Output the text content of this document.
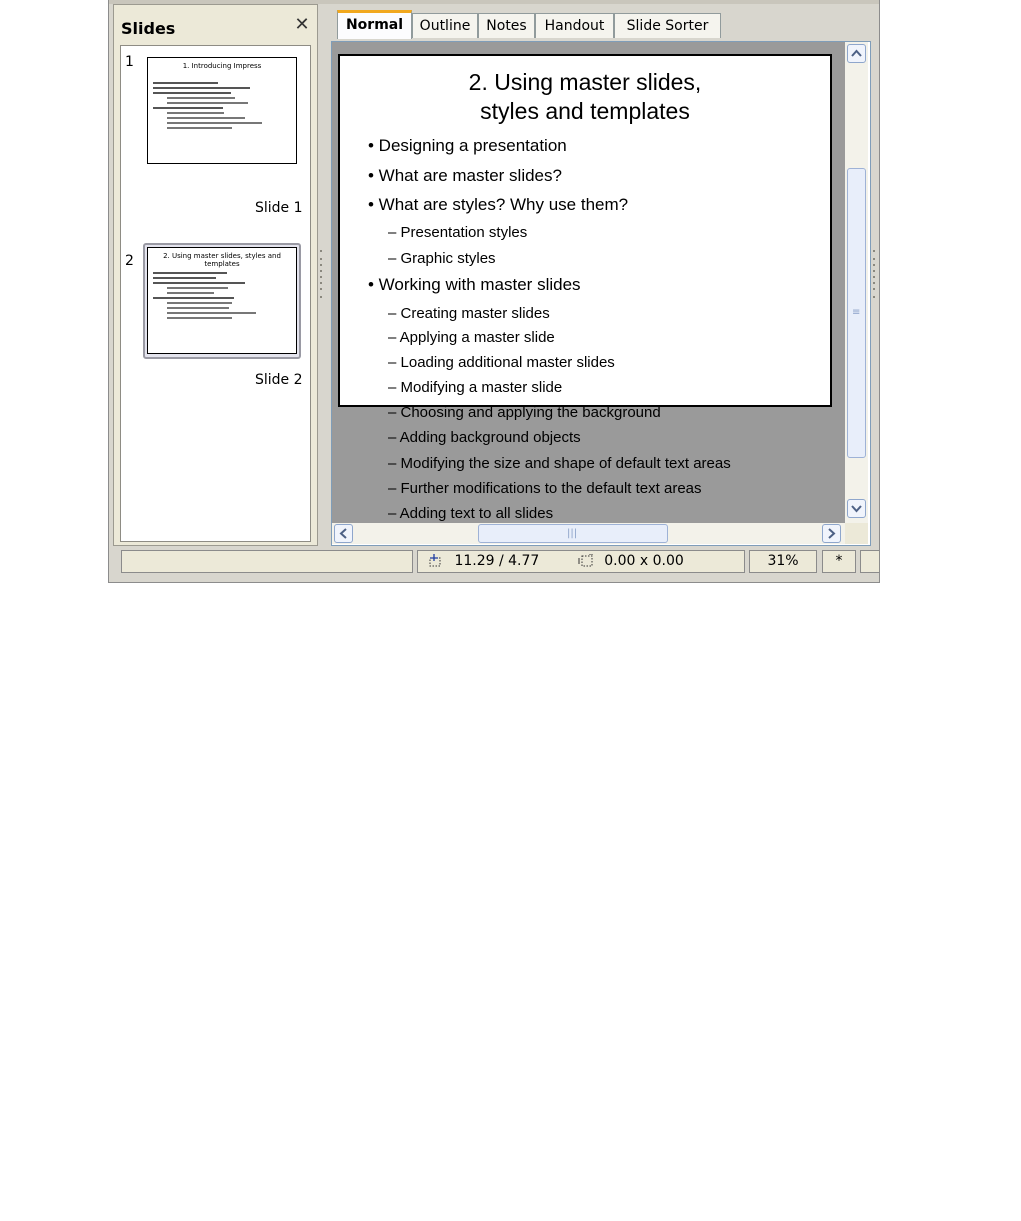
Slides	✕
1	1. Introducing Impress
Slide 1
2	2. Using master slides, styles and templates
Slide 2
Normal	Outline	Notes	Handout	Slide Sorter
2. Using master slides,
styles and templates
• Designing a presentation
• What are master slides?
• What are styles? Why use them?
– Presentation styles
– Graphic styles
• Working with master slides
– Creating master slides
– Applying a master slide
– Loading additional master slides
– Modifying a master slide
– Choosing and applying the background
– Adding background objects
– Modifying the size and shape of default text areas
– Further modifications to the default text areas
– Adding text to all slides
≡
|||
11.29 / 4.77	0.00 x 0.00	31%	*
